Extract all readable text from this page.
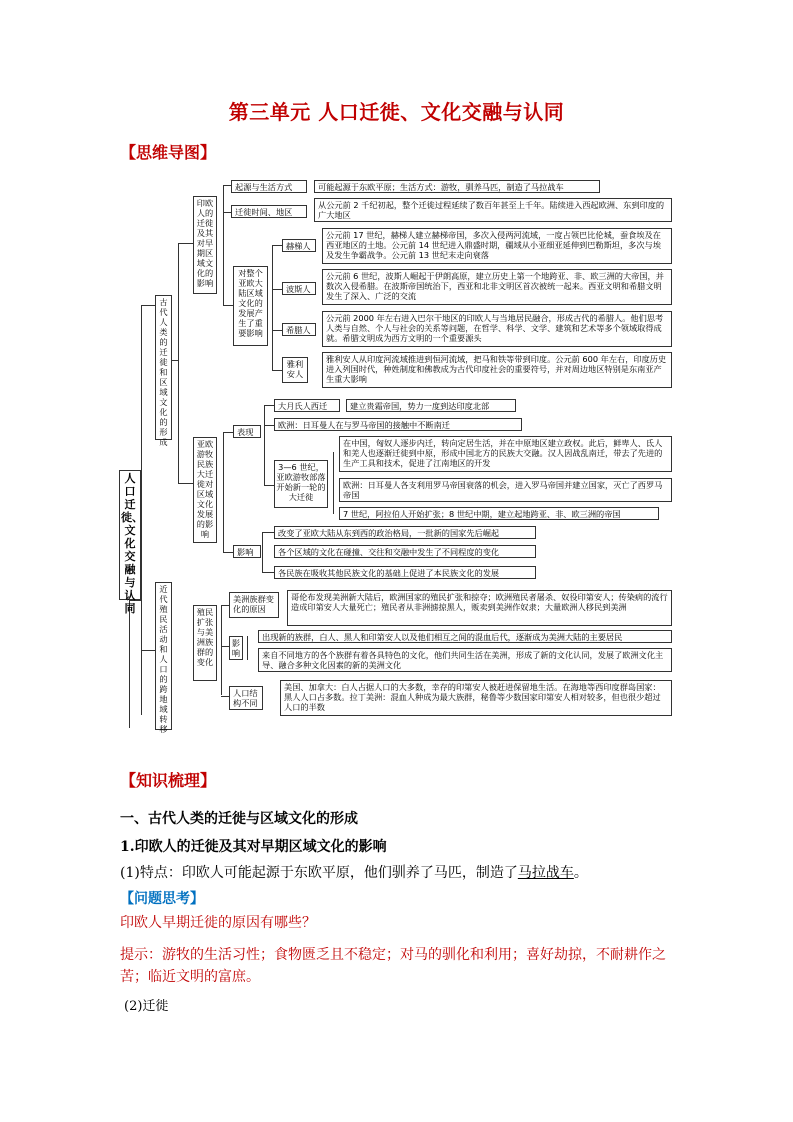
第三单元 人口迁徙、文化交融与认同
【思维导图】
人口迁徙、文化交融与认同
古代人类的迁徙和区域文化的形成
印欧人的迁徙及其对早期区域文化的影响
起源与生活方式	可能起源于东欧平原；生活方式：游牧，驯养马匹，制造了马拉战车
迁徙时间、地区
从公元前 2 千纪初起，整个迁徙过程延续了数百年甚至上千年。陆续进入西起欧洲、东到印度的广大地区
对整个亚欧大陆区域文化的发展产生了重要影响
赫梯人
公元前 17 世纪，赫梯人建立赫梯帝国，多次入侵两河流域，一度占领巴比伦城，蚕食埃及在西亚地区的土地。公元前 14 世纪进入鼎盛时期，疆域从小亚细亚延伸到巴勒斯坦，多次与埃及发生争霸战争。公元前 13 世纪末走向衰落
波斯人
公元前 6 世纪，波斯人崛起于伊朗高原，建立历史上第一个地跨亚、非、欧三洲的大帝国，并数次入侵希腊。在波斯帝国统治下，西亚和北非文明区首次被统一起来。西亚文明和希腊文明发生了深入、广泛的交流
希腊人
公元前 2000 年左右进入巴尔干地区的印欧人与当地居民融合，形成古代的希腊人。他们思考人类与自然、个人与社会的关系等问题，在哲学、科学、文学、建筑和艺术等多个领域取得成就。希腊文明成为西方文明的一个重要源头
雅利安人
雅利安人从印度河流域推进到恒河流域，把马和铁等带到印度。公元前 600 年左右，印度历史进入列国时代，种姓制度和佛教成为古代印度社会的重要符号，并对周边地区特别是东南亚产生重大影响
亚欧游牧民族大迁徙对区域文化发展的影响
表现
大月氏人西迁	建立贵霜帝国，势力一度到达印度北部
欧洲：日耳曼人在与罗马帝国的接触中不断南迁
3—6 世纪，亚欧游牧部落开始新一轮的大迁徙
在中国，匈奴人逐步内迁，转向定居生活，并在中原地区建立政权。此后，鲜卑人、氐人和羌人也逐渐迁徙到中原，形成中国北方的民族大交融。汉人因战乱南迁，带去了先进的生产工具和技术，促进了江南地区的开发
欧洲：日耳曼人各支利用罗马帝国衰落的机会，进入罗马帝国并建立国家，灭亡了西罗马帝国
7 世纪，阿拉伯人开始扩张；8 世纪中期，建立起地跨亚、非、欧三洲的帝国
影响
改变了亚欧大陆从东到西的政治格局，一批新的国家先后崛起
各个区域的文化在碰撞、交往和交融中发生了不同程度的变化
各民族在吸收其他民族文化的基础上促进了本民族文化的发展
近代殖民活动和人口的跨地域转移
殖民扩张与美洲族群的变化
美洲族群变化的原因
哥伦布发现美洲新大陆后，欧洲国家的殖民扩张和掠夺；欧洲殖民者屠杀、奴役印第安人；传染病的流行造成印第安人大量死亡；殖民者从非洲掳掠黑人，贩卖到美洲作奴隶；大量欧洲人移民到美洲
影响
出现新的族群，白人、黑人和印第安人以及他们相互之间的混血后代，逐渐成为美洲大陆的主要居民
来自不同地方的各个族群有着各具特色的文化，他们共同生活在美洲，形成了新的文化认同，发展了欧洲文化主导、融合多种文化因素的新的美洲文化
人口结构不同
美国、加拿大：白人占据人口的大多数，幸存的印第安人被赶进保留地生活。在海地等西印度群岛国家：黑人人口占多数。拉丁美洲：混血人种成为最大族群，秘鲁等少数国家印第安人相对较多，但也很少超过人口的半数
【知识梳理】
一、古代人类的迁徙与区域文化的形成
1.印欧人的迁徙及其对早期区域文化的影响
(1)特点：印欧人可能起源于东欧平原，他们驯养了马匹，制造了马拉战车。
【问题思考】
印欧人早期迁徙的原因有哪些？
提示：游牧的生活习性；食物匮乏且不稳定；对马的驯化和利用；喜好劫掠，不耐耕作之苦；临近文明的富庶。
(2)迁徙
